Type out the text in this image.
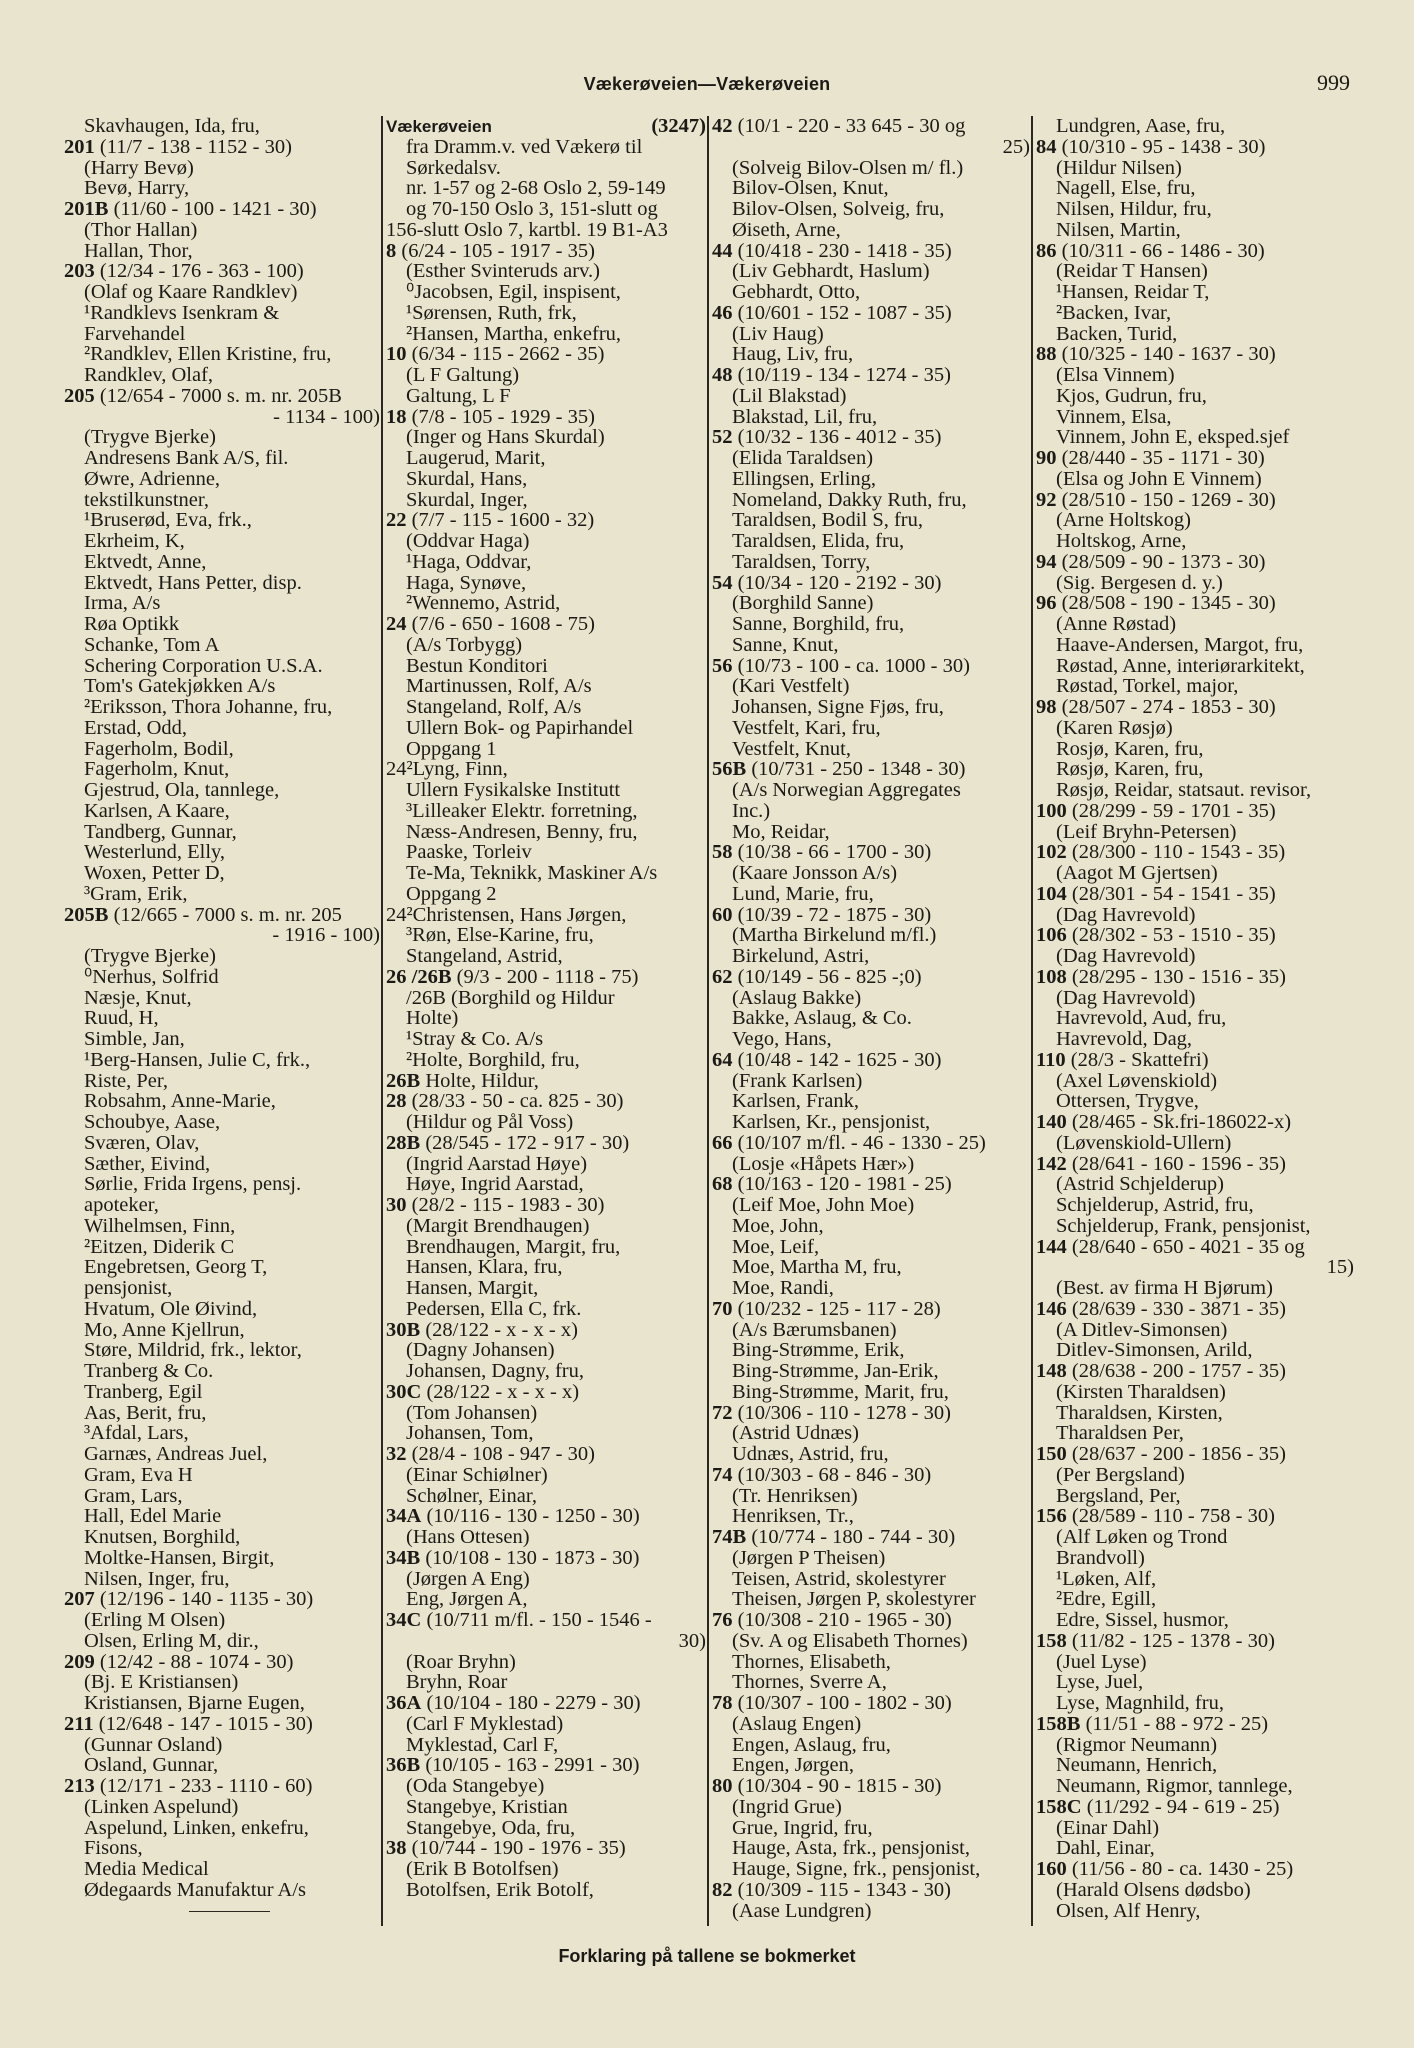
Vækerøveien—Vækerøveien	999
Skavhaugen, Ida, fru,
201 (11/7 - 138 - 1152 - 30)
(Harry Bevø)
Bevø, Harry,
201B (11/60 - 100 - 1421 - 30)
(Thor Hallan)
Hallan, Thor,
203 (12/34 - 176 - 363 - 100)
(Olaf og Kaare Randklev)
¹Randklevs Isenkram &
Farvehandel
²Randklev, Ellen Kristine, fru,
Randklev, Olaf,
205 (12/654 - 7000 s. m. nr. 205B
- 1134 - 100)
(Trygve Bjerke)
Andresens Bank A/S, fil.
Øwre, Adrienne,
tekstilkunstner,
¹Bruserød, Eva, frk.,
Ekrheim, K,
Ektvedt, Anne,
Ektvedt, Hans Petter, disp.
Irma, A/s
Røa Optikk
Schanke, Tom A
Schering Corporation U.S.A.
Tom's Gatekjøkken A/s
²Eriksson, Thora Johanne, fru,
Erstad, Odd,
Fagerholm, Bodil,
Fagerholm, Knut,
Gjestrud, Ola, tannlege,
Karlsen, A Kaare,
Tandberg, Gunnar,
Westerlund, Elly,
Woxen, Petter D,
³Gram, Erik,
205B (12/665 - 7000 s. m. nr. 205
- 1916 - 100)
(Trygve Bjerke)
⁰Nerhus, Solfrid
Næsje, Knut,
Ruud, H,
Simble, Jan,
¹Berg-Hansen, Julie C, frk.,
Riste, Per,
Robsahm, Anne-Marie,
Schoubye, Aase,
Sværen, Olav,
Sæther, Eivind,
Sørlie, Frida Irgens, pensj.
apoteker,
Wilhelmsen, Finn,
²Eitzen, Diderik C
Engebretsen, Georg T,
pensjonist,
Hvatum, Ole Øivind,
Mo, Anne Kjellrun,
Støre, Mildrid, frk., lektor,
Tranberg & Co.
Tranberg, Egil
Aas, Berit, fru,
³Afdal, Lars,
Garnæs, Andreas Juel,
Gram, Eva H
Gram, Lars,
Hall, Edel Marie
Knutsen, Borghild,
Moltke-Hansen, Birgit,
Nilsen, Inger, fru,
207 (12/196 - 140 - 1135 - 30)
(Erling M Olsen)
Olsen, Erling M, dir.,
209 (12/42 - 88 - 1074 - 30)
(Bj. E Kristiansen)
Kristiansen, Bjarne Eugen,
211 (12/648 - 147 - 1015 - 30)
(Gunnar Osland)
Osland, Gunnar,
213 (12/171 - 233 - 1110 - 60)
(Linken Aspelund)
Aspelund, Linken, enkefru,
Fisons,
Media Medical
Ødegaards Manufaktur A/s
Vækerøveien	(3247)
fra Dramm.v. ved Vækerø til
Sørkedalsv.
nr. 1-57 og 2-68 Oslo 2, 59-149
og 70-150 Oslo 3, 151-slutt og
156-slutt Oslo 7, kartbl. 19 B1-A3
8 (6/24 - 105 - 1917 - 35)
(Esther Svinteruds arv.)
⁰Jacobsen, Egil, inspisent,
¹Sørensen, Ruth, frk,
²Hansen, Martha, enkefru,
10 (6/34 - 115 - 2662 - 35)
(L F Galtung)
Galtung, L F
18 (7/8 - 105 - 1929 - 35)
(Inger og Hans Skurdal)
Laugerud, Marit,
Skurdal, Hans,
Skurdal, Inger,
22 (7/7 - 115 - 1600 - 32)
(Oddvar Haga)
¹Haga, Oddvar,
Haga, Synøve,
²Wennemo, Astrid,
24 (7/6 - 650 - 1608 - 75)
(A/s Torbygg)
Bestun Konditori
Martinussen, Rolf, A/s
Stangeland, Rolf, A/s
Ullern Bok- og Papirhandel
Oppgang 1
24²Lyng, Finn,
Ullern Fysikalske Institutt
³Lilleaker Elektr. forretning,
Næss-Andresen, Benny, fru,
Paaske, Torleiv
Te-Ma, Teknikk, Maskiner A/s
Oppgang 2
24²Christensen, Hans Jørgen,
³Røn, Else-Karine, fru,
Stangeland, Astrid,
26 /26B (9/3 - 200 - 1118 - 75)
/26B (Borghild og Hildur
Holte)
¹Stray & Co. A/s
²Holte, Borghild, fru,
26B Holte, Hildur,
28 (28/33 - 50 - ca. 825 - 30)
(Hildur og Pål Voss)
28B (28/545 - 172 - 917 - 30)
(Ingrid Aarstad Høye)
Høye, Ingrid Aarstad,
30 (28/2 - 115 - 1983 - 30)
(Margit Brendhaugen)
Brendhaugen, Margit, fru,
Hansen, Klara, fru,
Hansen, Margit,
Pedersen, Ella C, frk.
30B (28/122 - x - x - x)
(Dagny Johansen)
Johansen, Dagny, fru,
30C (28/122 - x - x - x)
(Tom Johansen)
Johansen, Tom,
32 (28/4 - 108 - 947 - 30)
(Einar Schiølner)
Schølner, Einar,
34A (10/116 - 130 - 1250 - 30)
(Hans Ottesen)
34B (10/108 - 130 - 1873 - 30)
(Jørgen A Eng)
Eng, Jørgen A,
34C (10/711 m/fl. - 150 - 1546 -
30)
(Roar Bryhn)
Bryhn, Roar
36A (10/104 - 180 - 2279 - 30)
(Carl F Myklestad)
Myklestad, Carl F,
36B (10/105 - 163 - 2991 - 30)
(Oda Stangebye)
Stangebye, Kristian
Stangebye, Oda, fru,
38 (10/744 - 190 - 1976 - 35)
(Erik B Botolfsen)
Botolfsen, Erik Botolf,
42 (10/1 - 220 - 33 645 - 30 og
25)
(Solveig Bilov-Olsen m/ fl.)
Bilov-Olsen, Knut,
Bilov-Olsen, Solveig, fru,
Øiseth, Arne,
44 (10/418 - 230 - 1418 - 35)
(Liv Gebhardt, Haslum)
Gebhardt, Otto,
46 (10/601 - 152 - 1087 - 35)
(Liv Haug)
Haug, Liv, fru,
48 (10/119 - 134 - 1274 - 35)
(Lil Blakstad)
Blakstad, Lil, fru,
52 (10/32 - 136 - 4012 - 35)
(Elida Taraldsen)
Ellingsen, Erling,
Nomeland, Dakky Ruth, fru,
Taraldsen, Bodil S, fru,
Taraldsen, Elida, fru,
Taraldsen, Torry,
54 (10/34 - 120 - 2192 - 30)
(Borghild Sanne)
Sanne, Borghild, fru,
Sanne, Knut,
56 (10/73 - 100 - ca. 1000 - 30)
(Kari Vestfelt)
Johansen, Signe Fjøs, fru,
Vestfelt, Kari, fru,
Vestfelt, Knut,
56B (10/731 - 250 - 1348 - 30)
(A/s Norwegian Aggregates
Inc.)
Mo, Reidar,
58 (10/38 - 66 - 1700 - 30)
(Kaare Jonsson A/s)
Lund, Marie, fru,
60 (10/39 - 72 - 1875 - 30)
(Martha Birkelund m/fl.)
Birkelund, Astri,
62 (10/149 - 56 - 825 -;0)
(Aslaug Bakke)
Bakke, Aslaug, & Co.
Vego, Hans,
64 (10/48 - 142 - 1625 - 30)
(Frank Karlsen)
Karlsen, Frank,
Karlsen, Kr., pensjonist,
66 (10/107 m/fl. - 46 - 1330 - 25)
(Losje «Håpets Hær»)
68 (10/163 - 120 - 1981 - 25)
(Leif Moe, John Moe)
Moe, John,
Moe, Leif,
Moe, Martha M, fru,
Moe, Randi,
70 (10/232 - 125 - 117 - 28)
(A/s Bærumsbanen)
Bing-Strømme, Erik,
Bing-Strømme, Jan-Erik,
Bing-Strømme, Marit, fru,
72 (10/306 - 110 - 1278 - 30)
(Astrid Udnæs)
Udnæs, Astrid, fru,
74 (10/303 - 68 - 846 - 30)
(Tr. Henriksen)
Henriksen, Tr.,
74B (10/774 - 180 - 744 - 30)
(Jørgen P Theisen)
Teisen, Astrid, skolestyrer
Theisen, Jørgen P, skolestyrer
76 (10/308 - 210 - 1965 - 30)
(Sv. A og Elisabeth Thornes)
Thornes, Elisabeth,
Thornes, Sverre A,
78 (10/307 - 100 - 1802 - 30)
(Aslaug Engen)
Engen, Aslaug, fru,
Engen, Jørgen,
80 (10/304 - 90 - 1815 - 30)
(Ingrid Grue)
Grue, Ingrid, fru,
Hauge, Asta, frk., pensjonist,
Hauge, Signe, frk., pensjonist,
82 (10/309 - 115 - 1343 - 30)
(Aase Lundgren)
Lundgren, Aase, fru,
84 (10/310 - 95 - 1438 - 30)
(Hildur Nilsen)
Nagell, Else, fru,
Nilsen, Hildur, fru,
Nilsen, Martin,
86 (10/311 - 66 - 1486 - 30)
(Reidar T Hansen)
¹Hansen, Reidar T,
²Backen, Ivar,
Backen, Turid,
88 (10/325 - 140 - 1637 - 30)
(Elsa Vinnem)
Kjos, Gudrun, fru,
Vinnem, Elsa,
Vinnem, John E, eksped.sjef
90 (28/440 - 35 - 1171 - 30)
(Elsa og John E Vinnem)
92 (28/510 - 150 - 1269 - 30)
(Arne Holtskog)
Holtskog, Arne,
94 (28/509 - 90 - 1373 - 30)
(Sig. Bergesen d. y.)
96 (28/508 - 190 - 1345 - 30)
(Anne Røstad)
Haave-Andersen, Margot, fru,
Røstad, Anne, interiørarkitekt,
Røstad, Torkel, major,
98 (28/507 - 274 - 1853 - 30)
(Karen Røsjø)
Rosjø, Karen, fru,
Røsjø, Karen, fru,
Røsjø, Reidar, statsaut. revisor,
100 (28/299 - 59 - 1701 - 35)
(Leif Bryhn-Petersen)
102 (28/300 - 110 - 1543 - 35)
(Aagot M Gjertsen)
104 (28/301 - 54 - 1541 - 35)
(Dag Havrevold)
106 (28/302 - 53 - 1510 - 35)
(Dag Havrevold)
108 (28/295 - 130 - 1516 - 35)
(Dag Havrevold)
Havrevold, Aud, fru,
Havrevold, Dag,
110 (28/3 - Skattefri)
(Axel Løvenskiold)
Ottersen, Trygve,
140 (28/465 - Sk.fri-186022-x)
(Løvenskiold-Ullern)
142 (28/641 - 160 - 1596 - 35)
(Astrid Schjelderup)
Schjelderup, Astrid, fru,
Schjelderup, Frank, pensjonist,
144 (28/640 - 650 - 4021 - 35 og
15)
(Best. av firma H Bjørum)
146 (28/639 - 330 - 3871 - 35)
(A Ditlev-Simonsen)
Ditlev-Simonsen, Arild,
148 (28/638 - 200 - 1757 - 35)
(Kirsten Tharaldsen)
Tharaldsen, Kirsten,
Tharaldsen Per,
150 (28/637 - 200 - 1856 - 35)
(Per Bergsland)
Bergsland, Per,
156 (28/589 - 110 - 758 - 30)
(Alf Løken og Trond
Brandvoll)
¹Løken, Alf,
²Edre, Egill,
Edre, Sissel, husmor,
158 (11/82 - 125 - 1378 - 30)
(Juel Lyse)
Lyse, Juel,
Lyse, Magnhild, fru,
158B (11/51 - 88 - 972 - 25)
(Rigmor Neumann)
Neumann, Henrich,
Neumann, Rigmor, tannlege,
158C (11/292 - 94 - 619 - 25)
(Einar Dahl)
Dahl, Einar,
160 (11/56 - 80 - ca. 1430 - 25)
(Harald Olsens dødsbo)
Olsen, Alf Henry,
Forklaring på tallene se bokmerket
